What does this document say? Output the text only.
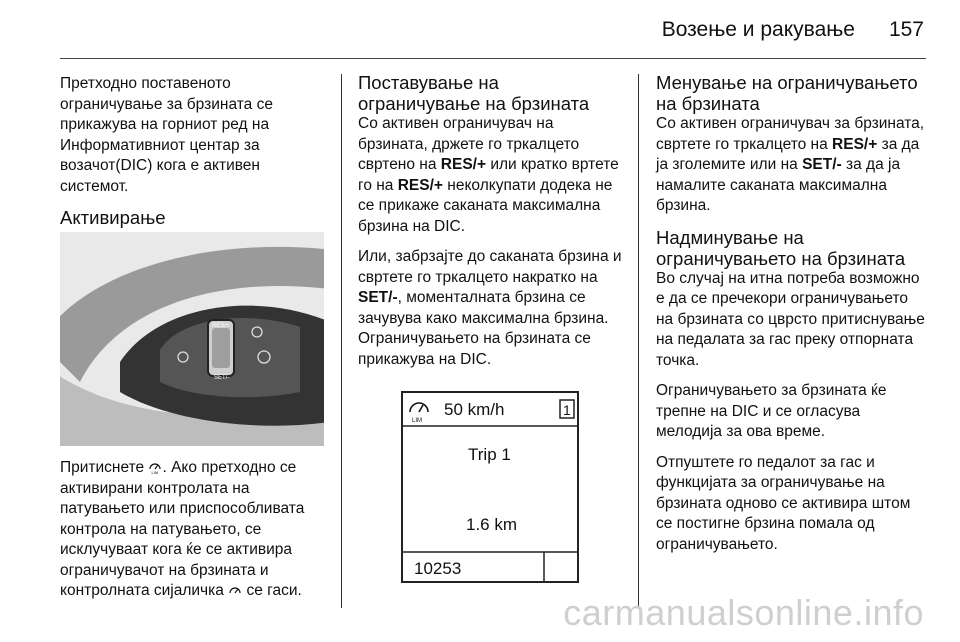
Возење и ракување 157

Претходно поставеното ограничување за брзината се прикажува на горниот ред на Информативниот центар за возачот(DIC) кога е активен системот.

Активирање
RES/+
SET/-

Притиснете LIM . Ако претходно се активирани контролата на патувањето или приспособливата контрола на патувањето, се исклучуваат кога ќе се активира ограничувачот на брзината и контролната сијаличка  се гаси.

Поставување на ограничување на брзината

Со активен ограничувач на брзината, држете го тркалцето свртено на RES/+ или кратко вртете го на RES/+ неколкупати додека не се прикаже саканата максимална брзина на DIC.

Или, забрзајте до саканата брзина и свртете го тркалцето накратко на SET/-, моменталната брзина се зачувува како максимална брзина. Ограничувањето на брзината се прикажува на DIC.

LIM
50 km/h	1
Trip 1
1.6 km
10253
Менување на ограничувањето на брзината

Со активен ограничувач за брзината, свртете го тркалцето на RES/+ за да ја зголемите или на SET/- за да ја намалите саканата максимална брзина.

Надминување на ограничувањето на брзината

Во случај на итна потреба возможно е да се пречекори ограничувањето на брзината со цврсто притиснување на педалата за гас преку отпорната точка.

Ограничувањето за брзината ќе трепне на DIC и се огласува мелодија за ова време.

Отпуштете го педалот за гас и функцијата за ограничување на брзината одново се активира штом се постигне брзина помала од ограничувањето.

carmanualsonline.info
